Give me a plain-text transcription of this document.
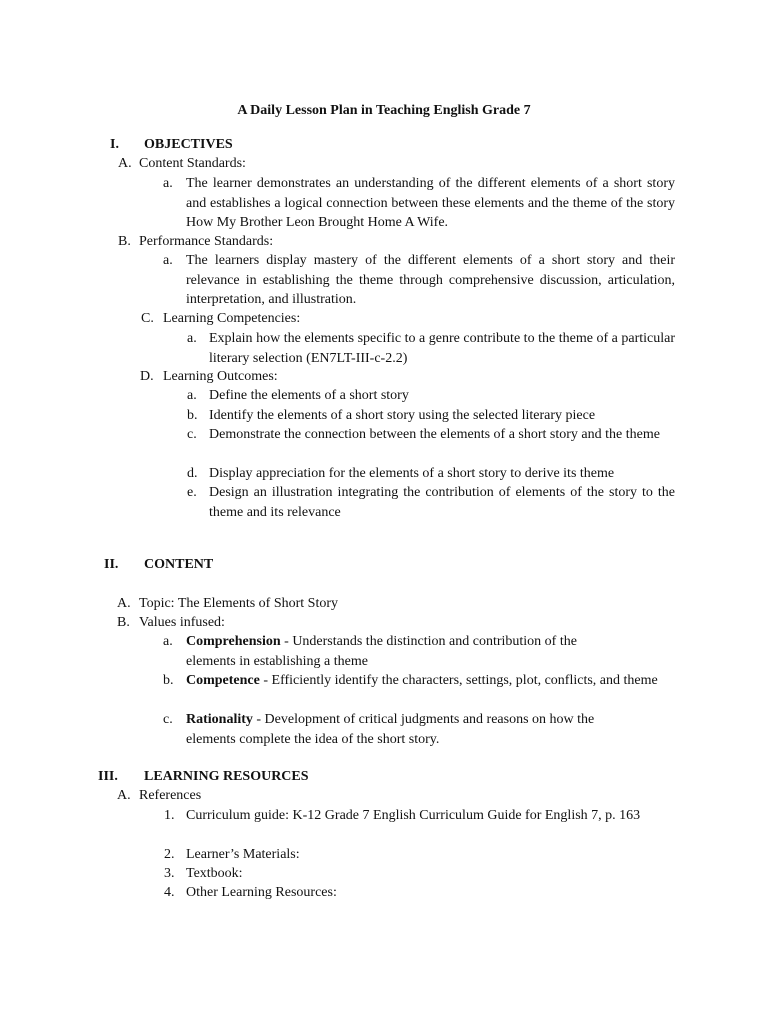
A Daily Lesson Plan in Teaching English Grade 7
I. OBJECTIVES
A. Content Standards:
a. The learner demonstrates an understanding of the different elements of a short story and establishes a logical connection between these elements and the theme of the story How My Brother Leon Brought Home A Wife.
B. Performance Standards:
a. The learners display mastery of the different elements of a short story and their relevance in establishing the theme through comprehensive discussion, articulation, interpretation, and illustration.
C. Learning Competencies:
a. Explain how the elements specific to a genre contribute to the theme of a particular literary selection (EN7LT-III-c-2.2)
D. Learning Outcomes:
a. Define the elements of a short story
b. Identify the elements of a short story using the selected literary piece
c. Demonstrate the connection between the elements of a short story and the theme
d. Display appreciation for the elements of a short story to derive its theme
e. Design an illustration integrating the contribution of elements of the story to the theme and its relevance
II. CONTENT
A. Topic: The Elements of Short Story
B. Values infused:
a. Comprehension - Understands the distinction and contribution of the elements in establishing a theme
b. Competence - Efficiently identify the characters, settings, plot, conflicts, and theme
c. Rationality - Development of critical judgments and reasons on how the elements complete the idea of the short story.
III. LEARNING RESOURCES
A. References
1. Curriculum guide: K-12 Grade 7 English Curriculum Guide for English 7, p. 163
2. Learner’s Materials:
3. Textbook:
4. Other Learning Resources:
